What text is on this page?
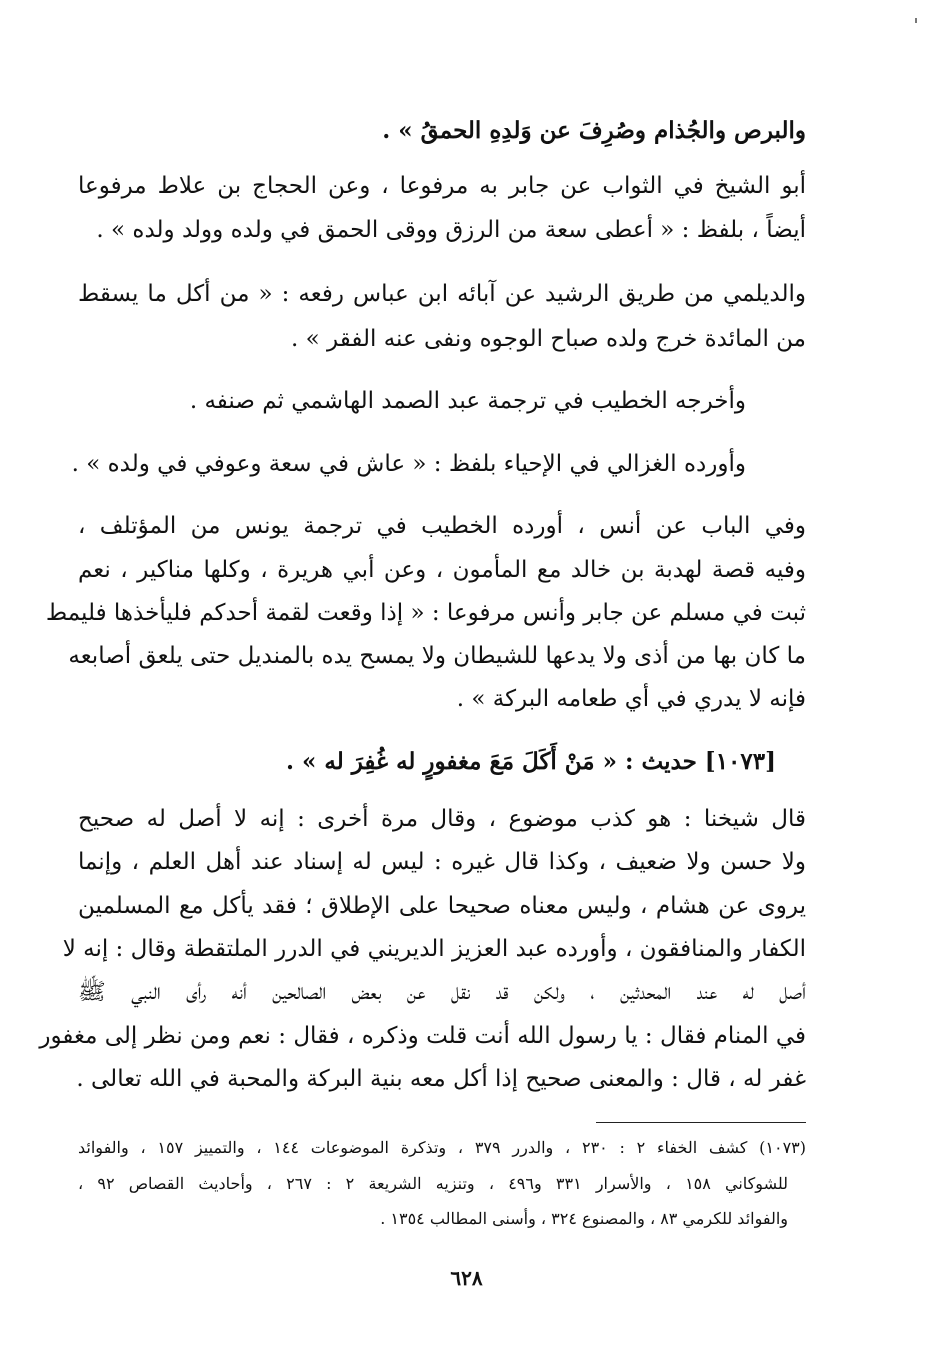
والبرص والجُذام وصُرِفَ عن وَلدِهِ الحمقُ » .
أبو الشيخ في الثواب عن جابر به مرفوعا ، وعن الحجاج بن علاط مرفوعا
أيضاً ، بلفظ : « أعطى سعة من الرزق ووقى الحمق في ولده وولد ولده » .
والديلمي من طريق الرشيد عن آبائه ابن عباس رفعه : « من أكل ما يسقط
من المائدة خرج ولده صباح الوجوه ونفى عنه الفقر » .
وأخرجه الخطيب في ترجمة عبد الصمد الهاشمي ثم صنفه .
وأورده الغزالي في الإحياء بلفظ : « عاش في سعة وعوفي في ولده » .
وفي الباب عن أنس ، أورده الخطيب في ترجمة يونس من المؤتلف ،
وفيه قصة لهدبة بن خالد مع المأمون ، وعن أبي هريرة ، وكلها مناكير ، نعم
ثبت في مسلم عن جابر وأنس مرفوعا : « إذا وقعت لقمة أحدكم فليأخذها فليمط
ما كان بها من أذى ولا يدعها للشيطان ولا يمسح يده بالمنديل حتى يلعق أصابعه
فإنه لا يدري في أي طعامه البركة » .
[١٠٧٣] حديث : « مَنْ أَكَلَ مَعَ مغفورٍ له غُفِرَ له » .
قال شيخنا : هو كذب موضوع ، وقال مرة أخرى : إنه لا أصل له صحيح
ولا حسن ولا ضعيف ، وكذا قال غيره : ليس له إسناد عند أهل العلم ، وإنما
يروى عن هشام ، وليس معناه صحيحا على الإطلاق ؛ فقد يأكل مع المسلمين
الكفار والمنافقون ، وأورده عبد العزيز الديريني في الدرر الملتقطة وقال : إنه لا
أصل له عند المحدثين ، ولكن قد نقل عن بعض الصالحين أنه رأى النبي ﷺ
في المنام فقال : يا رسول الله أنت قلت وذكره ، فقال : نعم ومن نظر إلى مغفور
غفر له ، قال : والمعنى صحيح إذا أكل معه بنية البركة والمحبة في الله تعالى .
(١٠٧٣) كشف الخفاء ٢ : ٢٣٠ ، والدرر ٣٧٩ ، وتذكرة الموضوعات ١٤٤ ، والتمييز ١٥٧ ، والفوائد
للشوكاني ١٥٨ ، والأسرار ٣٣١ و٤٩٦ ، وتنزيه الشريعة ٢ : ٢٦٧ ، وأحاديث القصاص ٩٢ ،
والفوائد للكرمي ٨٣ ، والمصنوع ٣٢٤ ، وأسنى المطالب ١٣٥٤ .
٦٢٨
